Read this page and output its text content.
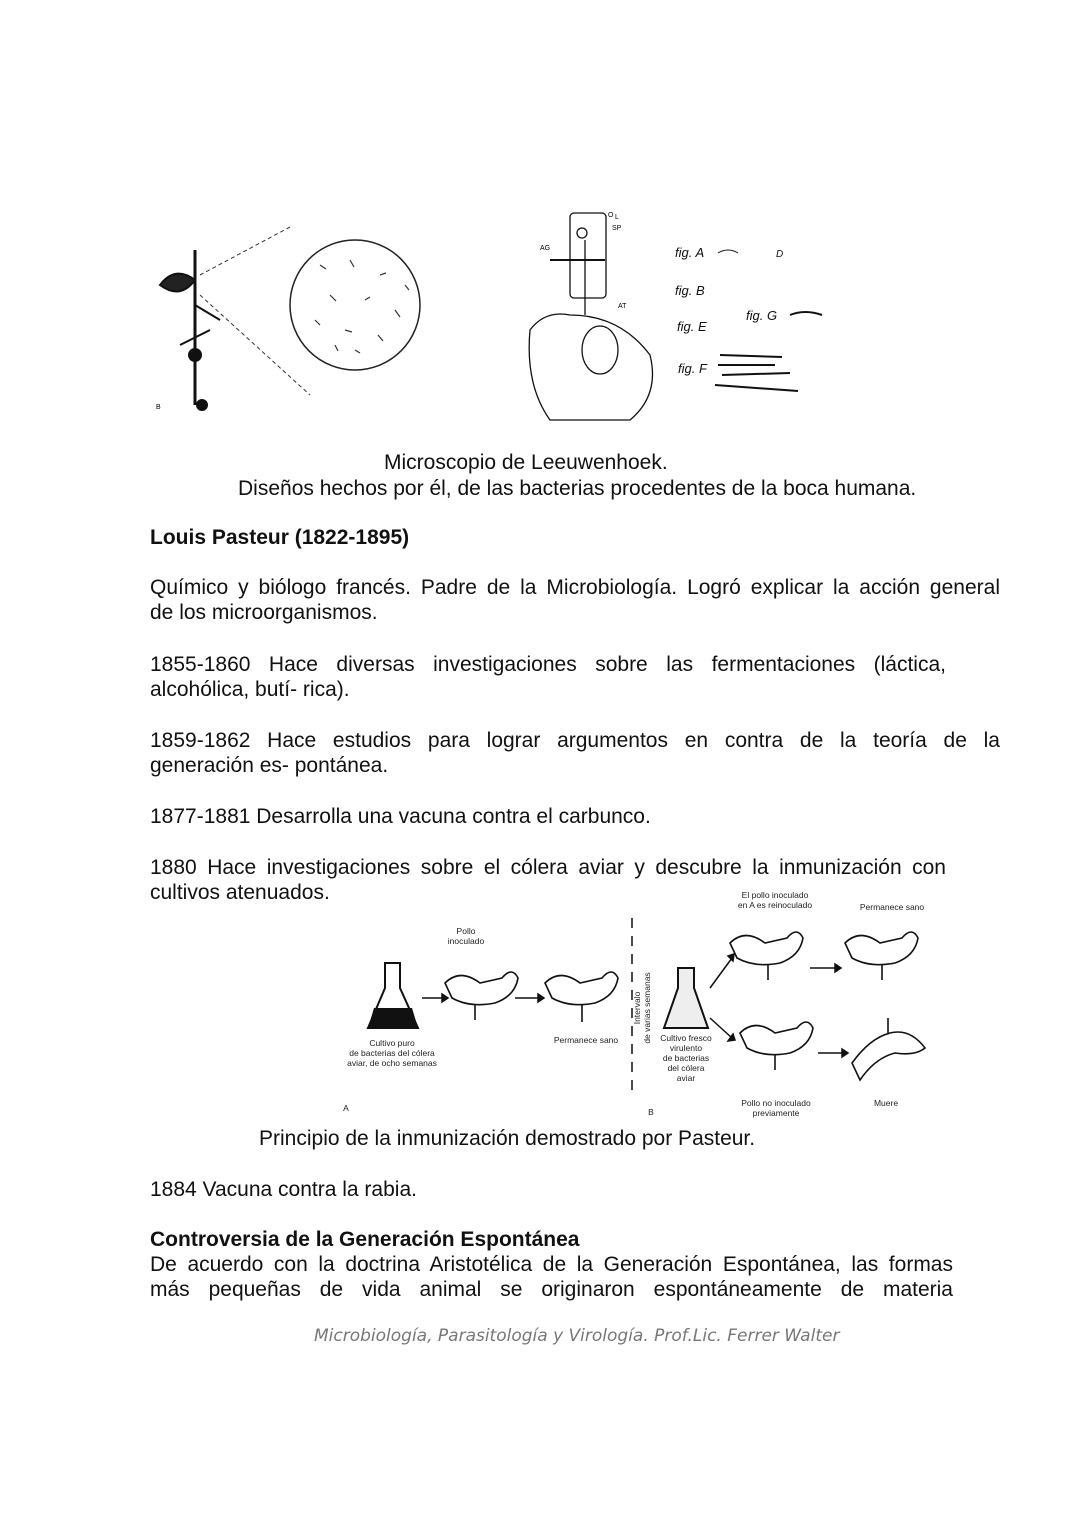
B
O L
SP
AG
AT
fig. A	D
fig. B
fig. E
fig. G
fig. F
Microscopio de Leeuwenhoek.
Diseños hechos por él, de las bacterias procedentes de la boca humana.
Louis Pasteur (1822-1895)
Químico y biólogo francés. Padre de la Microbiología. Logró explicar la acción general
de los microorganismos.
1855-1860 Hace diversas investigaciones sobre las fermentaciones (láctica,
alcohólica, butí- rica).
1859-1862 Hace estudios para lograr argumentos en contra de la teoría de la
generación es- pontánea.
1877-1881 Desarrolla una vacuna contra el carbunco.
1880 Hace investigaciones sobre el cólera aviar y descubre la inmunización con
cultivos atenuados.
Pollo
inoculado
Cultivo puro
de bacterias del cólera
aviar, de ocho semanas
Permanece sano	Cultivo fresco
virulento
de bacterias
del cólera
aviar
El pollo inoculado
en A es reinoculado	Permanece sano
Pollo no inoculado
previamente
Muere
A	B
Intervalo de varias semanas
Principio de la inmunización demostrado por Pasteur.
1884 Vacuna contra la rabia.
Controversia de la Generación Espontánea
De acuerdo con la doctrina Aristotélica de la Generación Espontánea, las formas
más pequeñas de vida animal se originaron espontáneamente de materia
Microbiología, Parasitología y Virología. Prof.Lic. Ferrer Walter
